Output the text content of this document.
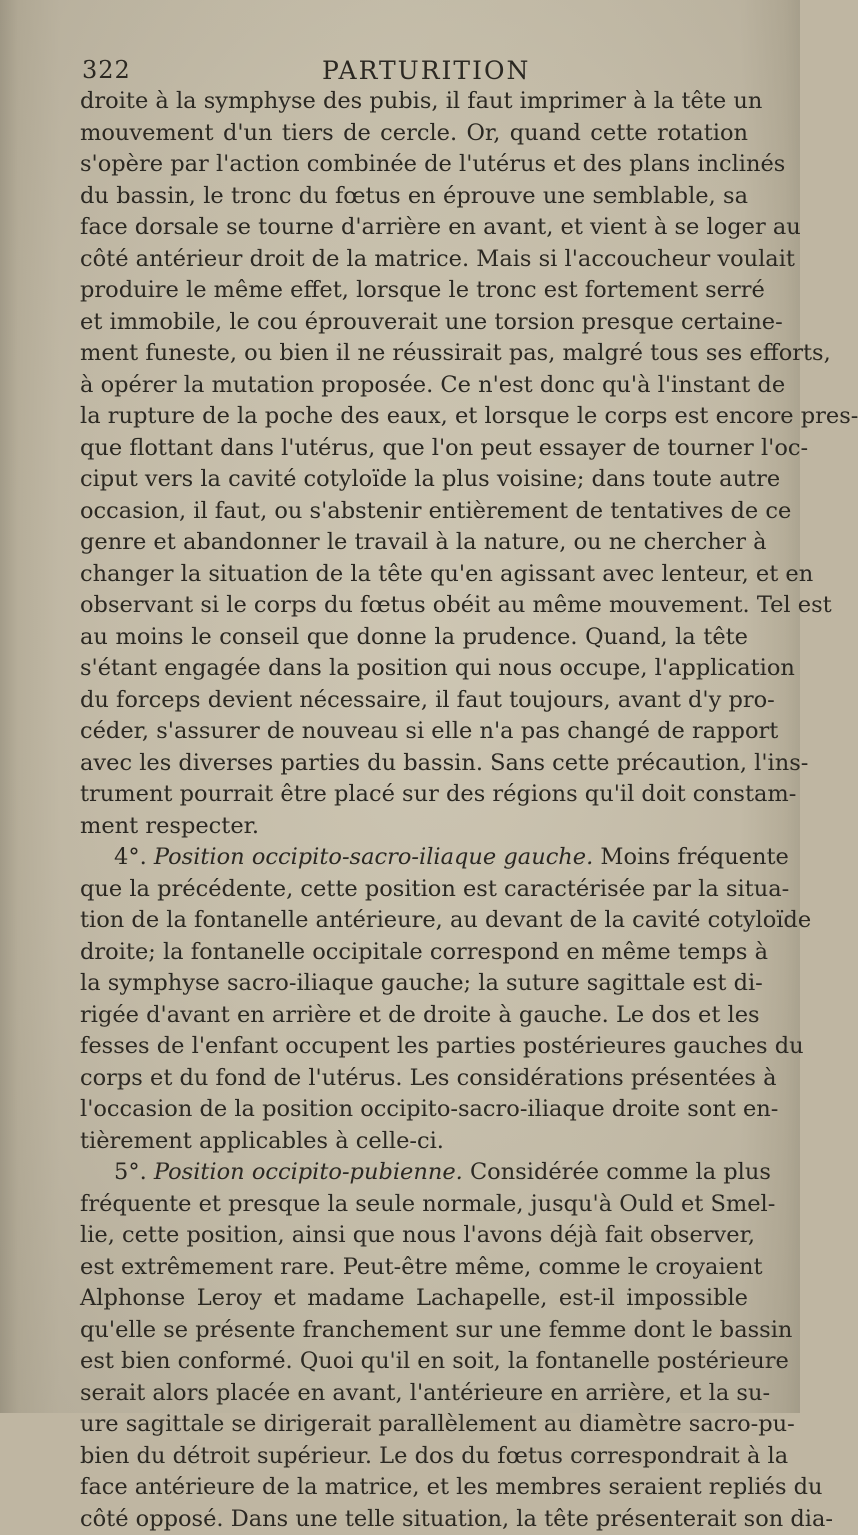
322	PARTURITION
droite à la symphyse des pubis, il faut imprimer à la tête un
mouvement d'un tiers de cercle. Or, quand cette rotation
s'opère par l'action combinée de l'utérus et des plans inclinés
du bassin, le tronc du fœtus en éprouve une semblable, sa
face dorsale se tourne d'arrière en avant, et vient à se loger au
côté antérieur droit de la matrice. Mais si l'accoucheur voulait
produire le même effet, lorsque le tronc est fortement serré
et immobile, le cou éprouverait une torsion presque certaine-
ment funeste, ou bien il ne réussirait pas, malgré tous ses efforts,
à opérer la mutation proposée. Ce n'est donc qu'à l'instant de
la rupture de la poche des eaux, et lorsque le corps est encore pres-
que flottant dans l'utérus, que l'on peut essayer de tourner l'oc-
ciput vers la cavité cotyloïde la plus voisine; dans toute autre
occasion, il faut, ou s'abstenir entièrement de tentatives de ce
genre et abandonner le travail à la nature, ou ne chercher à
changer la situation de la tête qu'en agissant avec lenteur, et en
observant si le corps du fœtus obéit au même mouvement. Tel est
au moins le conseil que donne la prudence. Quand, la tête
s'étant engagée dans la position qui nous occupe, l'application
du forceps devient nécessaire, il faut toujours, avant d'y pro-
céder, s'assurer de nouveau si elle n'a pas changé de rapport
avec les diverses parties du bassin. Sans cette précaution, l'ins-
trument pourrait être placé sur des régions qu'il doit constam-
ment respecter.
4°. Position occipito-sacro-iliaque gauche. Moins fréquente
que la précédente, cette position est caractérisée par la situa-
tion de la fontanelle antérieure, au devant de la cavité cotyloïde
droite; la fontanelle occipitale correspond en même temps à
la symphyse sacro-iliaque gauche; la suture sagittale est di-
rigée d'avant en arrière et de droite à gauche. Le dos et les
fesses de l'enfant occupent les parties postérieures gauches du
corps et du fond de l'utérus. Les considérations présentées à
l'occasion de la position occipito-sacro-iliaque droite sont en-
tièrement applicables à celle-ci.
5°. Position occipito-pubienne. Considérée comme la plus
fréquente et presque la seule normale, jusqu'à Ould et Smel-
lie, cette position, ainsi que nous l'avons déjà fait observer,
est extrêmement rare. Peut-être même, comme le croyaient
Alphonse Leroy et madame Lachapelle, est-il impossible
qu'elle se présente franchement sur une femme dont le bassin
est bien conformé. Quoi qu'il en soit, la fontanelle postérieure
serait alors placée en avant, l'antérieure en arrière, et la su-
ure sagittale se dirigerait parallèlement au diamètre sacro-pu-
bien du détroit supérieur. Le dos du fœtus correspondrait à la
face antérieure de la matrice, et les membres seraient repliés du
côté opposé. Dans une telle situation, la tête présenterait son dia-
